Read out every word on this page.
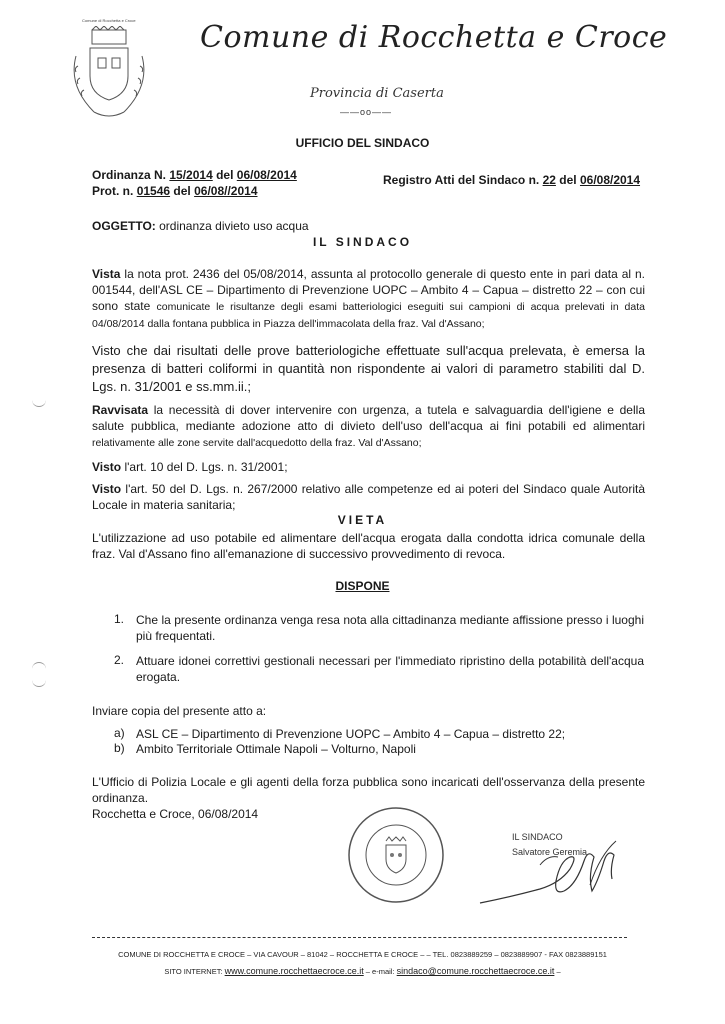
Comune di Rocchetta e Croce Comune di Rocchetta e Croce
Provincia di Caserta
——oo——
UFFICIO DEL SINDACO
Ordinanza N. 15/2014 del 06/08/2014
Prot. n. 01546 del 06/08//2014
Registro Atti del Sindaco n. 22 del 06/08/2014
OGGETTO: ordinanza divieto uso acqua
IL SINDACO
Vista la nota prot. 2436 del 05/08/2014, assunta al protocollo generale di questo ente in pari data al n. 001544, dell'ASL CE – Dipartimento di Prevenzione UOPC – Ambito 4 – Capua – distretto 22 – con cui sono state comunicate le risultanze degli esami batteriologici eseguiti sui campioni di acqua prelevati in data 04/08/2014 dalla fontana pubblica in Piazza dell'immacolata della fraz. Val d'Assano;
Visto che dai risultati delle prove batteriologiche effettuate sull'acqua prelevata, è emersa la presenza di batteri coliformi in quantità non rispondente ai valori di parametro stabiliti dal D. Lgs. n. 31/2001 e ss.mm.ii.;
Ravvisata la necessità di dover intervenire con urgenza, a tutela e salvaguardia dell'igiene e della salute pubblica, mediante adozione atto di divieto dell'uso dell'acqua ai fini potabili ed alimentari relativamente alle zone servite dall'acquedotto della fraz. Val d'Assano;
Visto l'art. 10 del D. Lgs. n. 31/2001;
Visto l'art. 50 del D. Lgs. n. 267/2000 relativo alle competenze ed ai poteri del Sindaco quale Autorità Locale in materia sanitaria;
VIETA
L'utilizzazione ad uso potabile ed alimentare dell'acqua erogata dalla condotta idrica comunale della fraz. Val d'Assano fino all'emanazione di successivo provvedimento di revoca.
DISPONE
1. Che la presente ordinanza venga resa nota alla cittadinanza mediante affissione presso i luoghi più frequentati.
2. Attuare idonei correttivi gestionali necessari per l'immediato ripristino della potabilità dell'acqua erogata.
Inviare copia del presente atto a:
a) ASL CE – Dipartimento di Prevenzione UOPC – Ambito 4 – Capua – distretto 22;
b) Ambito Territoriale Ottimale Napoli – Volturno, Napoli
L'Ufficio di Polizia Locale e gli agenti della forza pubblica sono incaricati dell'osservanza della presente ordinanza.
Rocchetta e Croce, 06/08/2014
IL SINDACO
Salvatore Geremia
COMUNE DI ROCCHETTA E CROCE – VIA CAVOUR – 81042 – ROCCHETTA E CROCE – – TEL. 0823889259 – 0823889907 - FAX 0823889151
SITO INTERNET: www.comune.rocchettaecroce.ce.it – e-mail: sindaco@comune.rocchettaecroce.ce.it –
